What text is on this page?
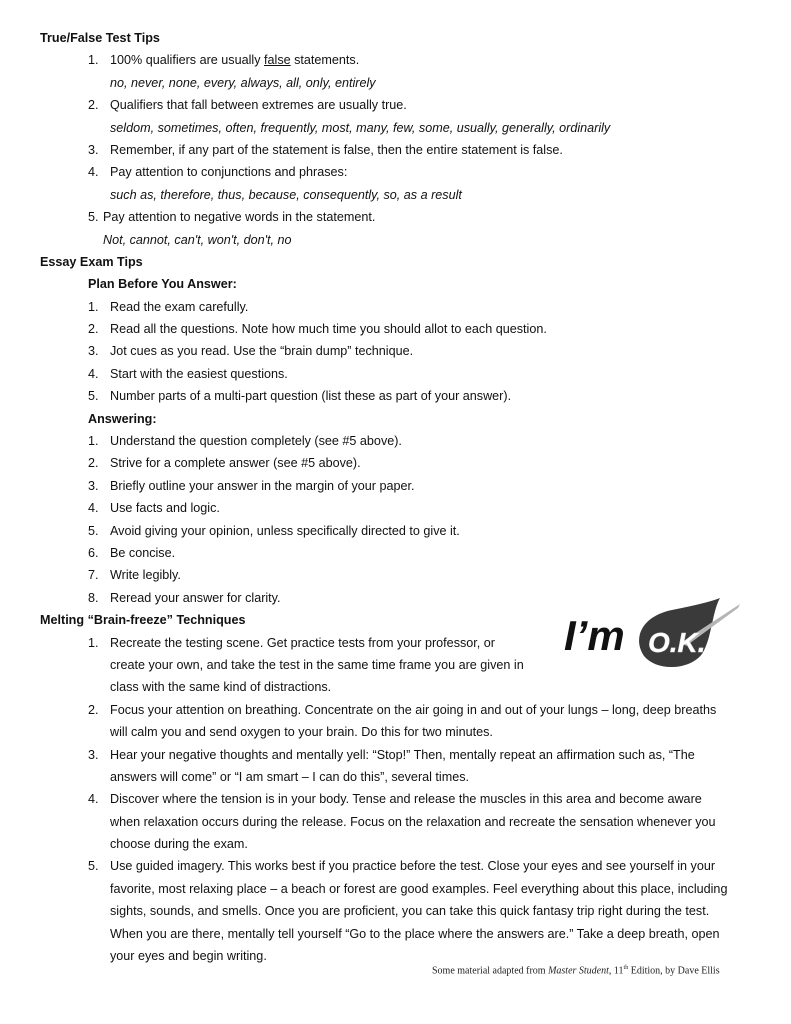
True/False Test Tips
1. 100% qualifiers are usually false statements.
no, never, none, every, always, all, only, entirely
2. Qualifiers that fall between extremes are usually true.
seldom, sometimes, often, frequently, most, many, few, some, usually, generally, ordinarily
3. Remember, if any part of the statement is false, then the entire statement is false.
4. Pay attention to conjunctions and phrases:
such as, therefore, thus, because, consequently, so, as a result
5. Pay attention to negative words in the statement.
Not, cannot, can't, won't, don't, no
Essay Exam Tips
Plan Before You Answer:
1. Read the exam carefully.
2. Read all the questions. Note how much time you should allot to each question.
3. Jot cues as you read. Use the “brain dump” technique.
4. Start with the easiest questions.
5. Number parts of a multi-part question (list these as part of your answer).
Answering:
1. Understand the question completely (see #5 above).
2. Strive for a complete answer (see #5 above).
3. Briefly outline your answer in the margin of your paper.
4. Use facts and logic.
5. Avoid giving your opinion, unless specifically directed to give it.
6. Be concise.
7. Write legibly.
8. Reread your answer for clarity.
Melting “Brain-freeze” Techniques
1. Recreate the testing scene. Get practice tests from your professor, or
create your own, and take the test in the same time frame you are given in
class with the same kind of distractions.
2. Focus your attention on breathing. Concentrate on the air going in and out of your lungs – long, deep breaths
will calm you and send oxygen to your brain. Do this for two minutes.
3. Hear your negative thoughts and mentally yell: “Stop!” Then, mentally repeat an affirmation such as, “The
answers will come” or “I am smart – I can do this”, several times.
4. Discover where the tension is in your body. Tense and release the muscles in this area and become aware
when relaxation occurs during the release. Focus on the relaxation and recreate the sensation whenever you
choose during the exam.
5. Use guided imagery. This works best if you practice before the test. Close your eyes and see yourself in your
favorite, most relaxing place – a beach or forest are good examples. Feel everything about this place, including
sights, sounds, and smells. Once you are proficient, you can take this quick fantasy trip right during the test.
When you are there, mentally tell yourself “Go to the place where the answers are.” Take a deep breath, open
your eyes and begin writing.
I’m O.K.
Some material adapted from Master Student, 11th Edition, by Dave Ellis
